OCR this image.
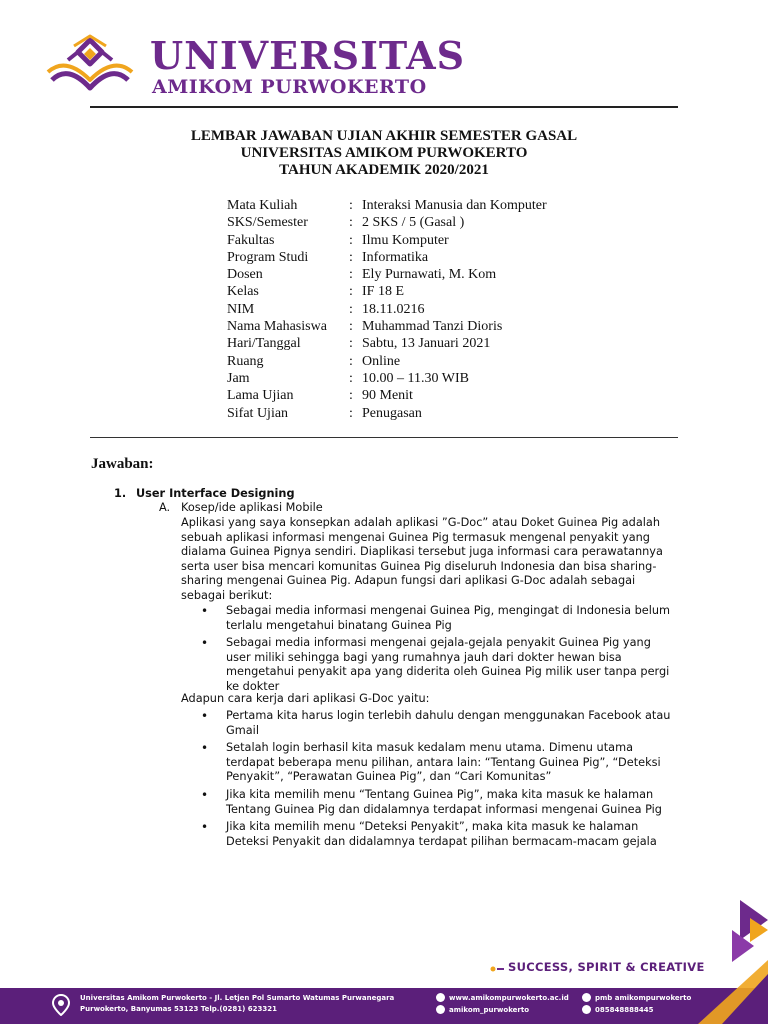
UNIVERSITAS
AMIKOM PURWOKERTO
LEMBAR JAWABAN UJIAN AKHIR SEMESTER GASAL
UNIVERSITAS AMIKOM PURWOKERTO
TAHUN AKADEMIK 2020/2021
Mata Kuliah	: Interaksi Manusia dan Komputer
SKS/Semester	: 2 SKS / 5 (Gasal )
Fakultas	: Ilmu Komputer
Program Studi	: Informatika
Dosen	: Ely Purnawati, M. Kom
Kelas	: IF 18 E
NIM	: 18.11.0216
Nama Mahasiswa	: Muhammad Tanzi Dioris
Hari/Tanggal	: Sabtu, 13 Januari 2021
Ruang	: Online
Jam	: 10.00 – 11.30 WIB
Lama Ujian	: 90 Menit
Sifat Ujian	: Penugasan
Jawaban:
1. User Interface Designing
A. Kosep/ide aplikasi Mobile
Aplikasi yang saya konsepkan adalah aplikasi ”G-Doc” atau Doket Guinea Pig adalah sebuah aplikasi informasi mengenai Guinea Pig termasuk mengenal penyakit yang dialama Guinea Pignya sendiri. Diaplikasi tersebut juga informasi cara perawatannya serta user bisa mencari komunitas Guinea Pig diseluruh Indonesia dan bisa sharing-sharing mengenai Guinea Pig. Adapun fungsi dari aplikasi G-Doc adalah sebagai sebagai berikut:
• Sebagai media informasi mengenai Guinea Pig, mengingat di Indonesia belum terlalu mengetahui binatang Guinea Pig
• Sebagai media informasi mengenai gejala-gejala penyakit Guinea Pig yang user miliki sehingga bagi yang rumahnya jauh dari dokter hewan bisa mengetahui penyakit apa yang diderita oleh Guinea Pig milik user tanpa pergi ke dokter
Adapun cara kerja dari aplikasi G-Doc yaitu:
• Pertama kita harus login terlebih dahulu dengan menggunakan Facebook atau Gmail
• Setalah login berhasil kita masuk kedalam menu utama. Dimenu utama terdapat beberapa menu pilihan, antara lain: “Tentang Guinea Pig”, “Deteksi Penyakit”, “Perawatan Guinea Pig”, dan “Cari Komunitas”
• Jika kita memilih menu “Tentang Guinea Pig”, maka kita masuk ke halaman Tentang Guinea Pig dan didalamnya terdapat informasi mengenai Guinea Pig
• Jika kita memilih menu “Deteksi Penyakit”, maka kita masuk ke halaman Deteksi Penyakit dan didalamnya terdapat pilihan bermacam-macam gejala
SUCCESS, SPIRIT & CREATIVE
Universitas Amikom Purwokerto - Jl. Letjen Pol Sumarto Watumas Purwanegara
Purwokerto, Banyumas 53123 Telp.(0281) 623321
www.amikompurwokerto.ac.id
amikom_purwokerto
pmb amikompurwokerto
085848888445
